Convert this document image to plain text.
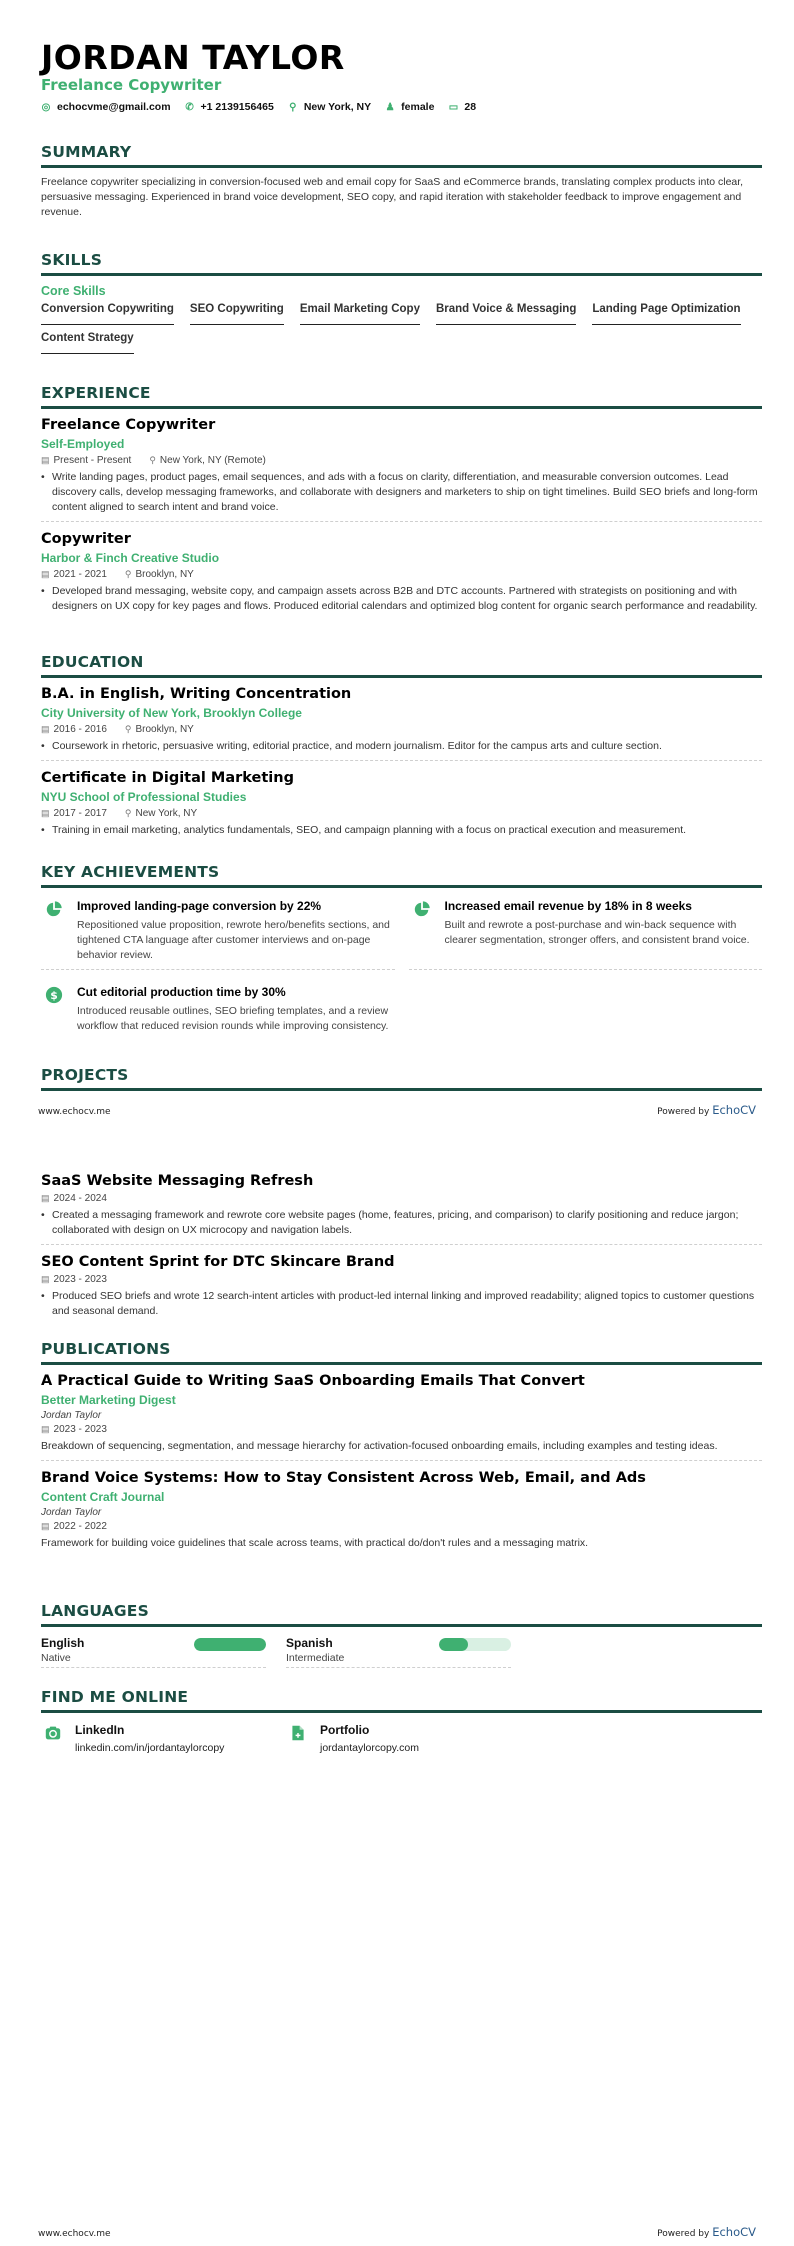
JORDAN TAYLOR
Freelance Copywriter
◎ echocvme@gmail.com ✆ +1 2139156465 ⚲ New York, NY ♟ female ▭ 28
SUMMARY
Freelance copywriter specializing in conversion-focused web and email copy for SaaS and eCommerce brands, translating complex products into clear, persuasive messaging. Experienced in brand voice development, SEO copy, and rapid iteration with stakeholder feedback to improve engagement and revenue.
SKILLS
Core Skills
Conversion Copywriting SEO Copywriting Email Marketing Copy Brand Voice & Messaging Landing Page Optimization
Content Strategy
EXPERIENCE
Freelance Copywriter
Self-Employed
▤ Present - Present ⚲ New York, NY (Remote)
• Write landing pages, product pages, email sequences, and ads with a focus on clarity, differentiation, and measurable conversion outcomes. Lead discovery calls, develop messaging frameworks, and collaborate with designers and marketers to ship on tight timelines. Build SEO briefs and long-form content aligned to search intent and brand voice.
Copywriter
Harbor & Finch Creative Studio
▤ 2021 - 2021 ⚲ Brooklyn, NY
• Developed brand messaging, website copy, and campaign assets across B2B and DTC accounts. Partnered with strategists on positioning and with designers on UX copy for key pages and flows. Produced editorial calendars and optimized blog content for organic search performance and readability.
EDUCATION
B.A. in English, Writing Concentration
City University of New York, Brooklyn College
▤ 2016 - 2016 ⚲ Brooklyn, NY
• Coursework in rhetoric, persuasive writing, editorial practice, and modern journalism. Editor for the campus arts and culture section.
Certificate in Digital Marketing
NYU School of Professional Studies
▤ 2017 - 2017 ⚲ New York, NY
• Training in email marketing, analytics fundamentals, SEO, and campaign planning with a focus on practical execution and measurement.
KEY ACHIEVEMENTS
Improved landing-page conversion by 22%
Repositioned value proposition, rewrote hero/benefits sections, and tightened CTA language after customer interviews and on-page behavior review.
Increased email revenue by 18% in 8 weeks
Built and rewrote a post-purchase and win-back sequence with clearer segmentation, stronger offers, and consistent brand voice.
$ Cut editorial production time by 30%
Introduced reusable outlines, SEO briefing templates, and a review workflow that reduced revision rounds while improving consistency.
PROJECTS
SaaS Website Messaging Refresh
▤ 2024 - 2024
• Created a messaging framework and rewrote core website pages (home, features, pricing, and comparison) to clarify positioning and reduce jargon; collaborated with design on UX microcopy and navigation labels.
SEO Content Sprint for DTC Skincare Brand
▤ 2023 - 2023
• Produced SEO briefs and wrote 12 search-intent articles with product-led internal linking and improved readability; aligned topics to customer questions and seasonal demand.
PUBLICATIONS
A Practical Guide to Writing SaaS Onboarding Emails That Convert
Better Marketing Digest
Jordan Taylor
▤ 2023 - 2023
Breakdown of sequencing, segmentation, and message hierarchy for activation-focused onboarding emails, including examples and testing ideas.
Brand Voice Systems: How to Stay Consistent Across Web, Email, and Ads
Content Craft Journal
Jordan Taylor
▤ 2022 - 2022
Framework for building voice guidelines that scale across teams, with practical do/don't rules and a messaging matrix.
LANGUAGES
English
Native
Spanish
Intermediate
FIND ME ONLINE
LinkedIn
linkedin.com/in/jordantaylorcopy
Portfolio
jordantaylorcopy.com
www.echocv.me	Powered by EchoCV
www.echocv.me	Powered by EchoCV
